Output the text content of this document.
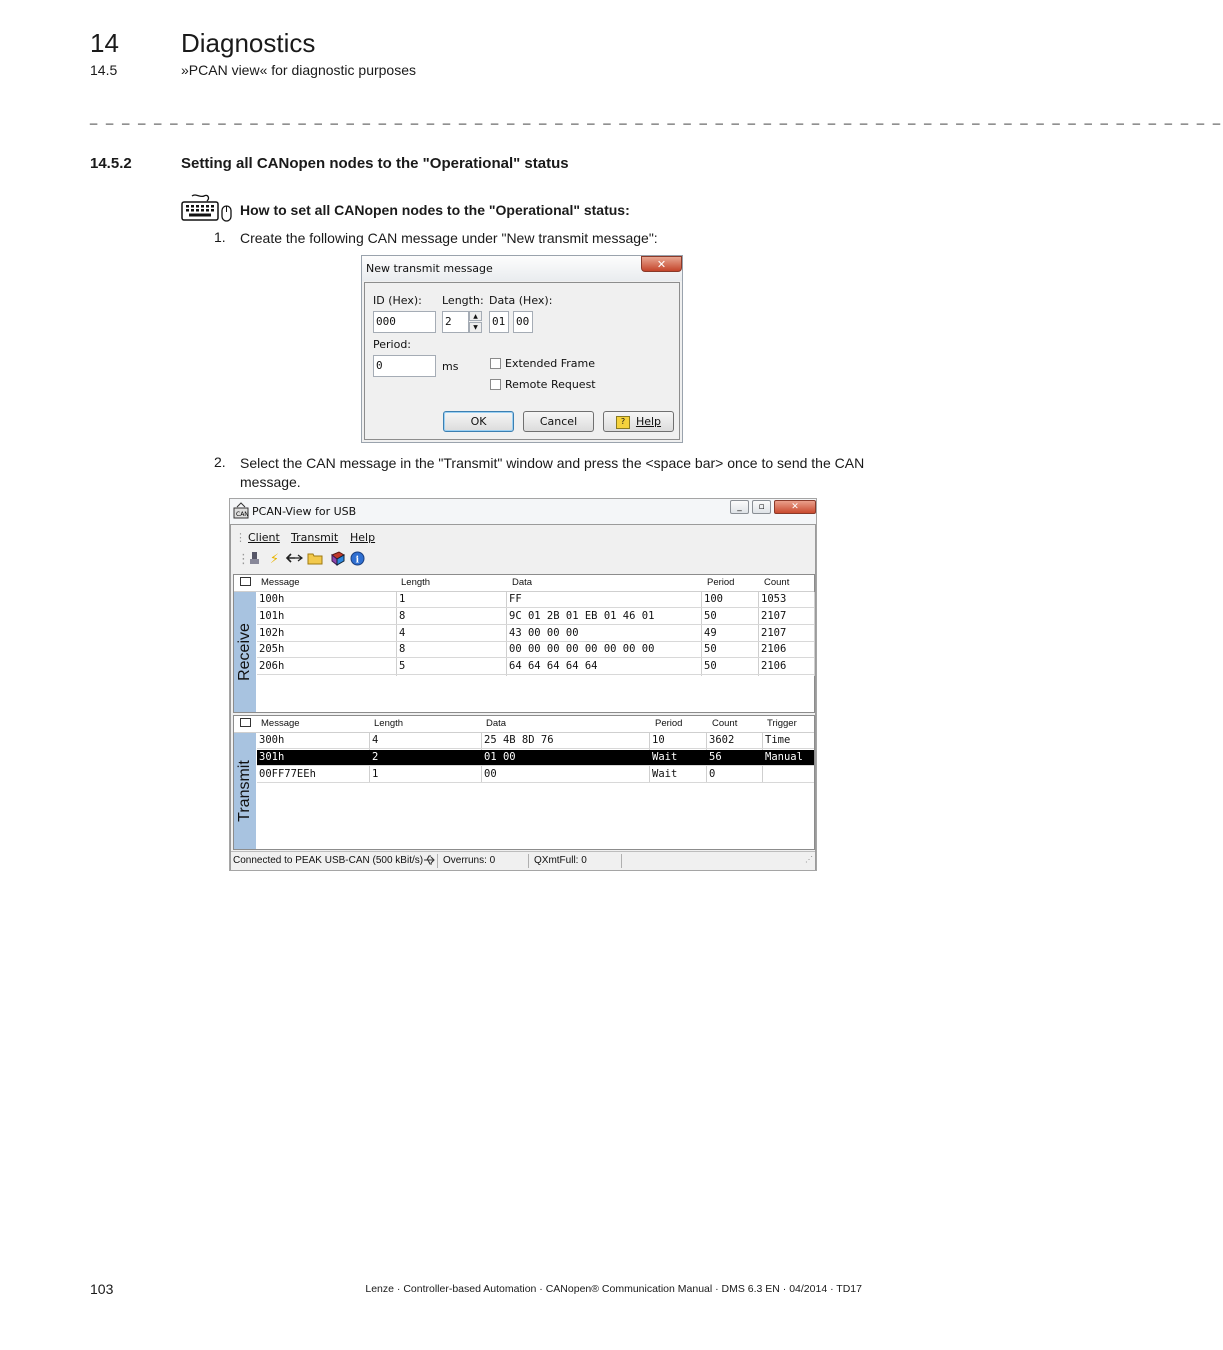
14 Diagnostics
14.5	»PCAN view« for diagnostic purposes
_ _ _ _ _ _ _ _ _ _ _ _ _ _ _ _ _ _ _ _ _ _ _ _ _ _ _ _ _ _ _ _ _ _ _ _ _ _ _ _ _ _ _ _ _ _ _ _ _ _ _ _ _ _ _ _ _ _ _ _ _ _ _ _ _ _ _ _ _ _ _
14.5.2	Setting all CANopen nodes to the "Operational" status
How to set all CANopen nodes to the "Operational" status:
1. Create the following CAN message under "New transmit message":
New transmit message	✕
ID (Hex):
000
Length:
2	▲
▼
Data (Hex):
01 00
Period:
0	ms	Extended Frame
Remote Request
OK	Cancel	? Help
2. Select the CAN message in the "Transmit" window and press the <space bar> once to send the CAN message.
CAN PCAN-View for USB	_	▫	✕
⋮ Client Transmit Help
⋮	⚡	i
Message	Length	Data	Period	Count
Receive
100h	1	FF	100	1053
101h	8	9C 01 2B 01 EB 01 46 01	50	2107
102h	4	43 00 00 00	49	2107
205h	8	00 00 00 00 00 00 00 00	50	2106
206h	5	64 64 64 64 64	50	2106
Message	Length	Data	Period	Count	Trigger
Transmit
300h	4	25 4B 8D 76	10	3602	Time
301h	2	01 00	Wait	56	Manual
00FF77EEh	1	00	Wait	0
Connected to PEAK USB-CAN (500 kBit/s) Overruns: 0	QXmtFull: 0	⋰
103	Lenze · Controller-based Automation · CANopen® Communication Manual · DMS 6.3 EN · 04/2014 · TD17
